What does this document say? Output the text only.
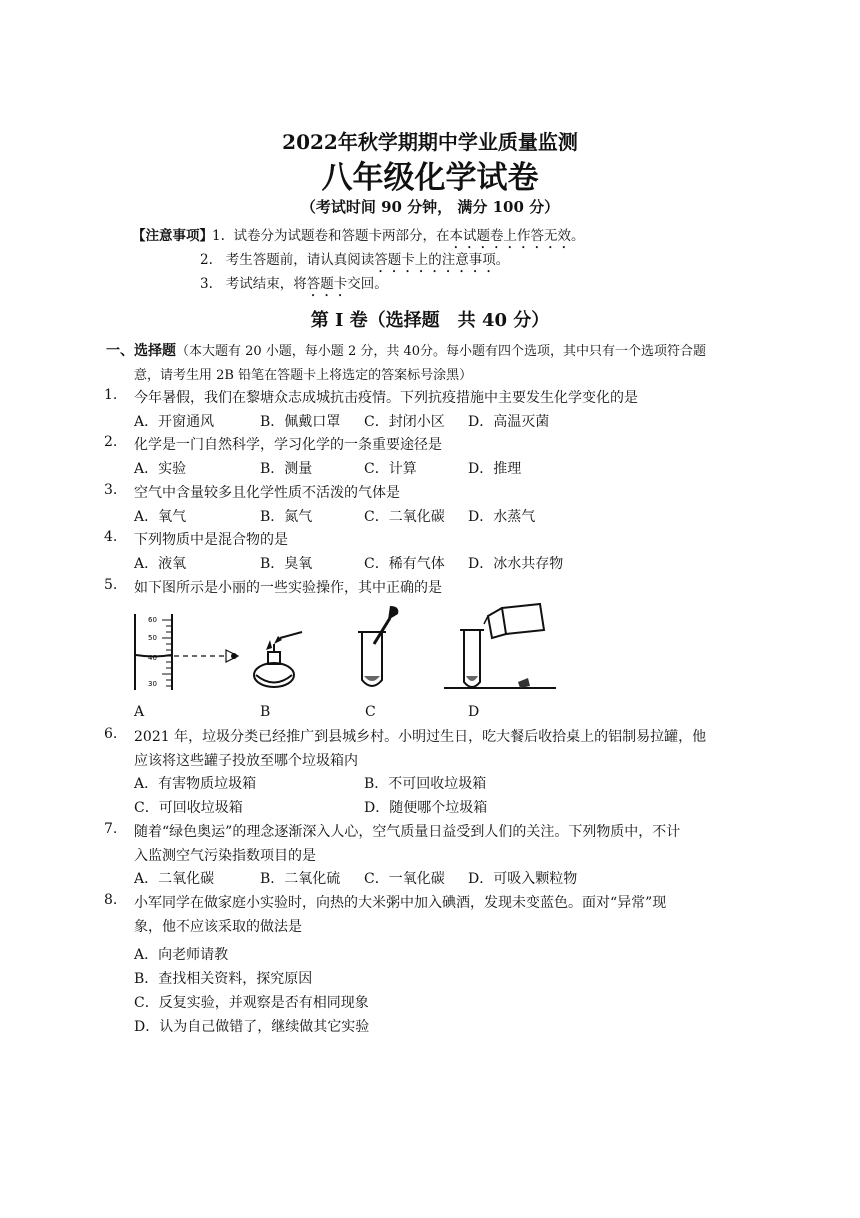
2022年秋学期期中学业质量监测
八年级化学试卷
（考试时间 90 分钟， 满分 100 分）
【注意事项】 1. 试卷分为试题卷和答题卡两部分，在本试题卷上作答无效。
2. 考生答题前，请认真阅读答题卡上的注意事项。
3. 考试结束，将答题卡交回。
第 I 卷（选择题　共 40 分）
一、选择题（本大题有 20 小题，每小题 2 分，共 40分。每小题有四个选项，其中只有一个选项符合题
意，请考生用 2B 铅笔在答题卡上将选定的答案标号涂黑）
1. 今年暑假，我们在黎塘众志成城抗击疫情。下列抗疫措施中主要发生化学变化的是
A．开窗通风	B．佩戴口罩 C．封闭小区 D．高温灭菌
2. 化学是一门自然科学，学习化学的一条重要途径是
A．实验	B．测量	C．计算	D．推理
3. 空气中含量较多且化学性质不活泼的气体是
A．氧气	B．氮气	C．二氧化碳 D．水蒸气
4. 下列物质中是混合物的是
A．液氧	B．臭氧	C．稀有气体 D．冰水共存物
5. 如下图所示是小丽的一些实验操作，其中正确的是
60
50
40
30
A	B	C	D
6. 2021 年，垃圾分类已经推广到县城乡村。小明过生日，吃大餐后收拾桌上的铝制易拉罐，他
应该将这些罐子投放至哪个垃圾箱内
A．有害物质垃圾箱	B．不可回收垃圾箱
C．可回收垃圾箱	D．随便哪个垃圾箱
7. 随着“绿色奥运”的理念逐渐深入人心，空气质量日益受到人们的关注。下列物质中，不计
入监测空气污染指数项目的是
A．二氧化碳	B．二氧化硫 C．一氧化碳 D．可吸入颗粒物
8. 小军同学在做家庭小实验时，向热的大米粥中加入碘酒，发现未变蓝色。面对“异常”现
象，他不应该采取的做法是
A．向老师请教
B．查找相关资料，探究原因
C．反复实验，并观察是否有相同现象
D．认为自己做错了，继续做其它实验
